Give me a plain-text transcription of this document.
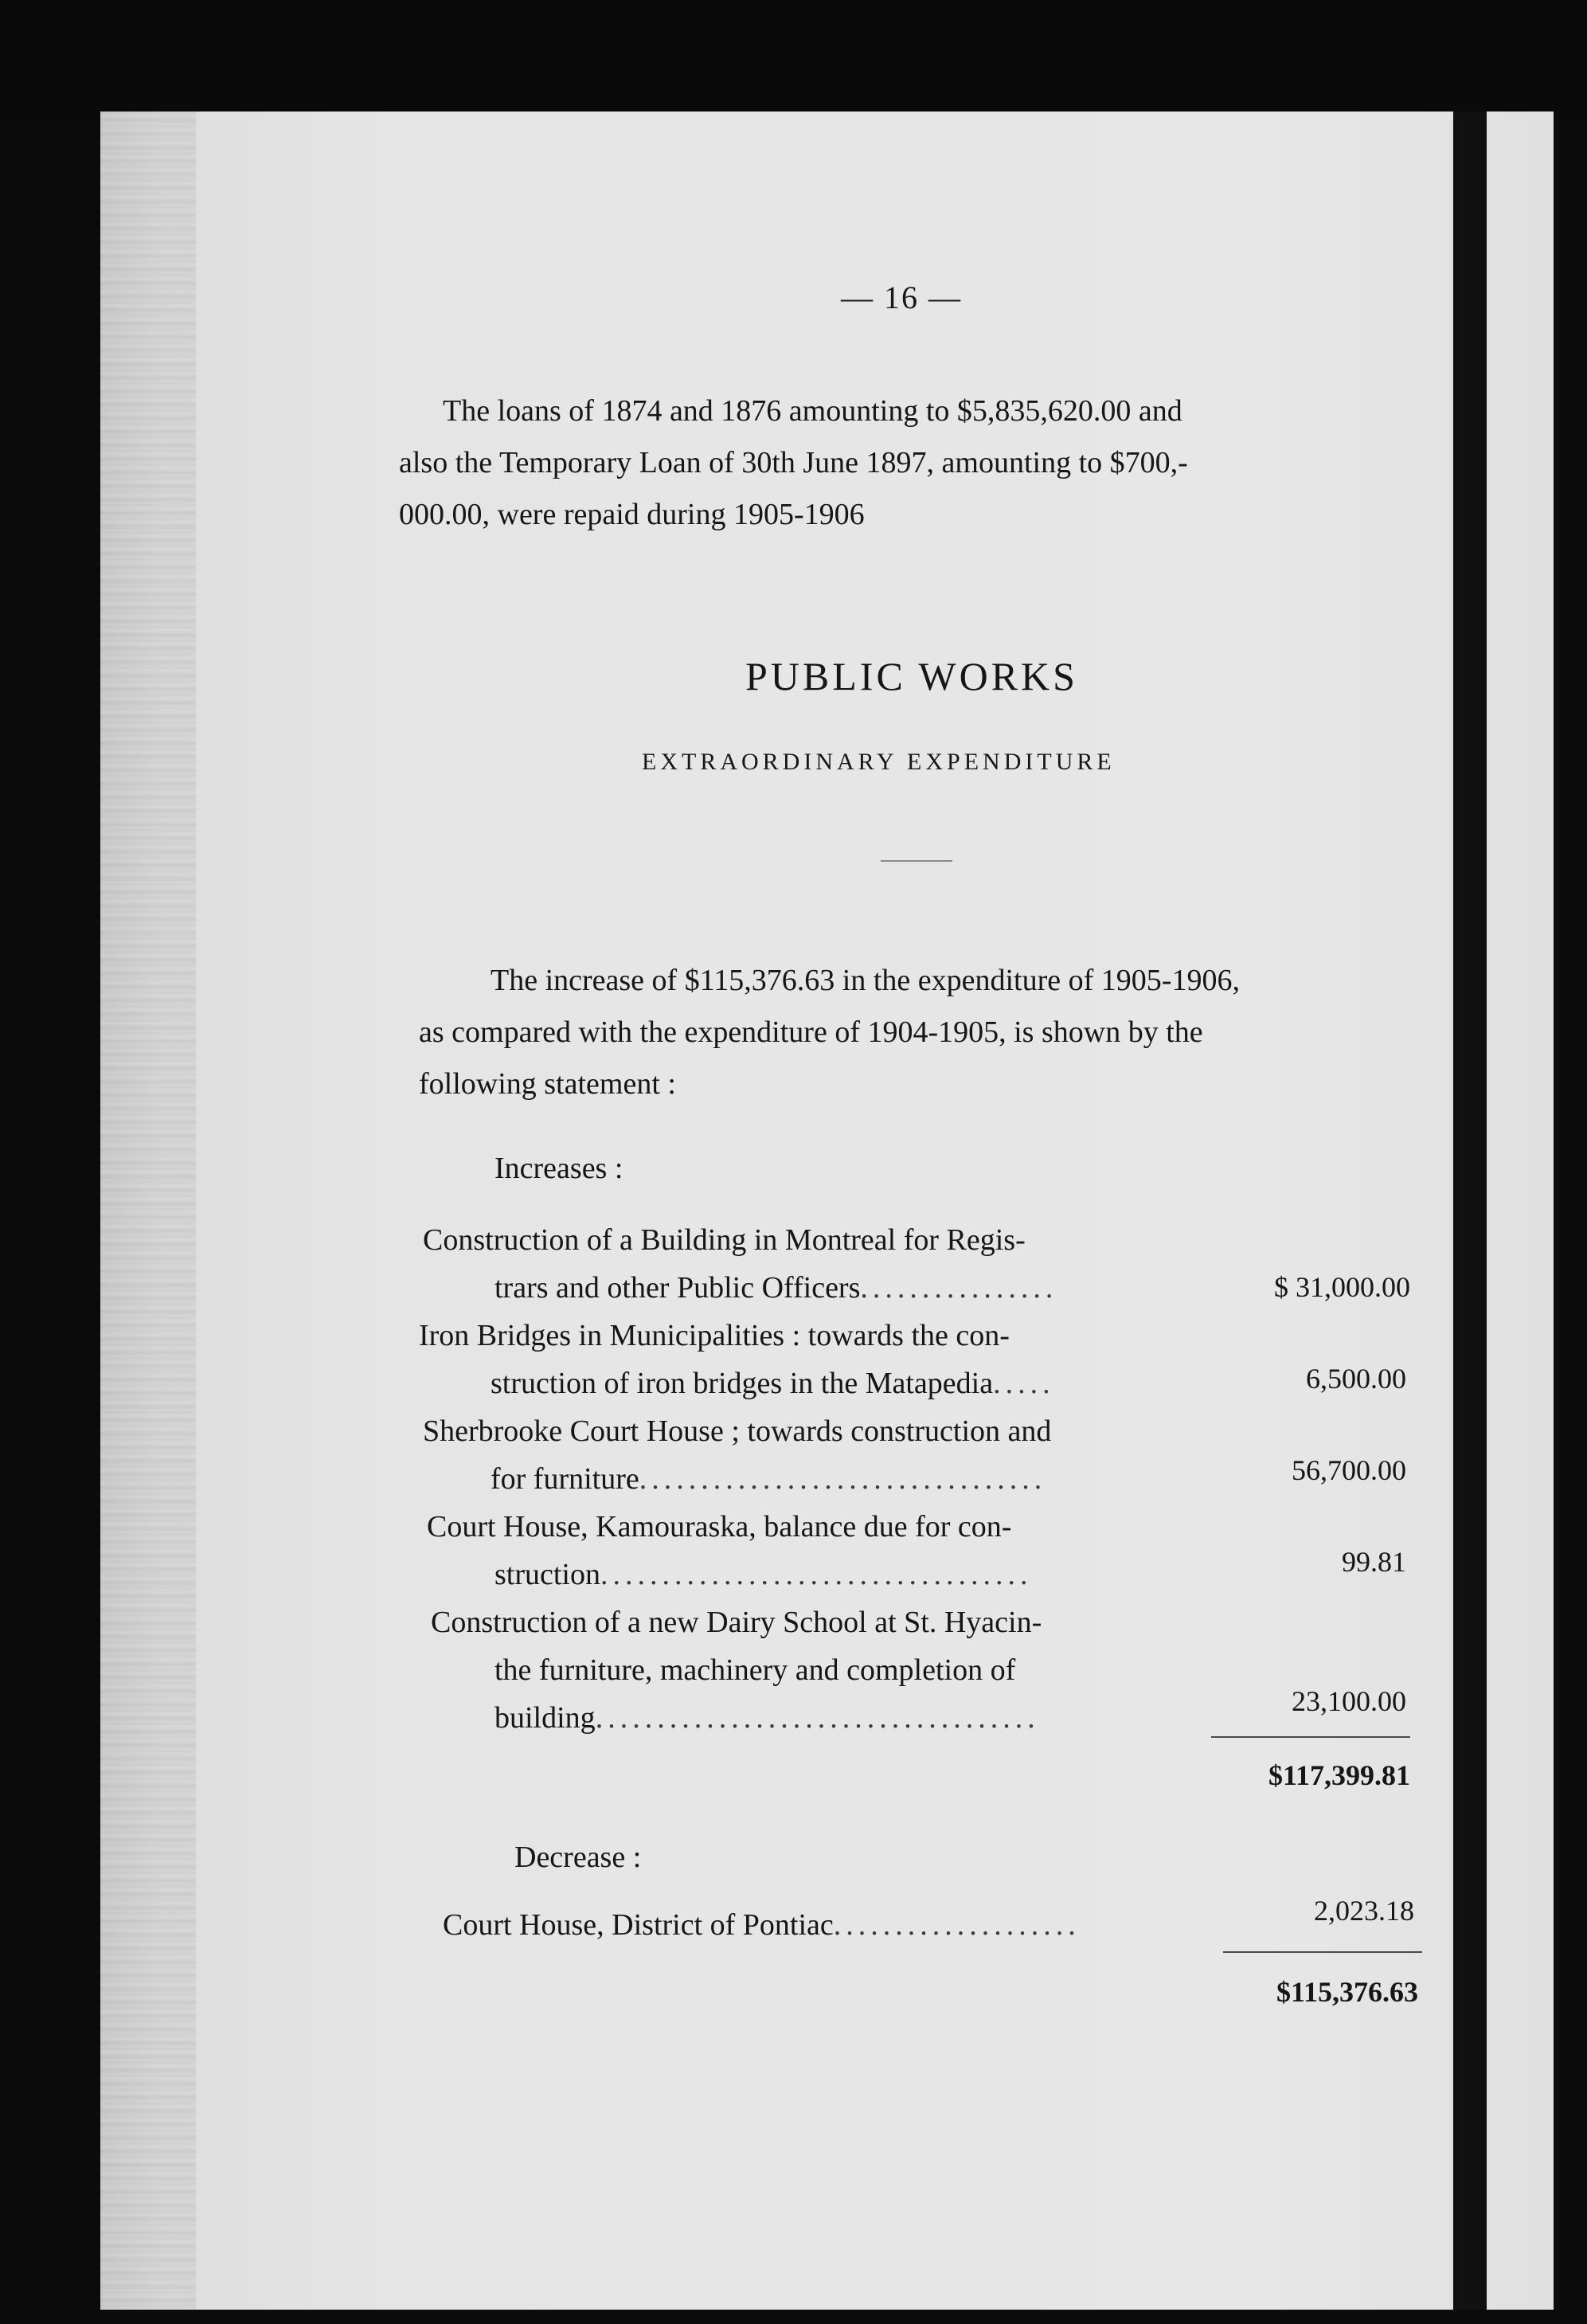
— 16 —
The loans of 1874 and 1876 amounting to $5,835,620.00 and
also the Temporary Loan of 30th June 1897, amounting to $700,-
000.00, were repaid during 1905-1906
PUBLIC WORKS
EXTRAORDINARY EXPENDITURE
The increase of $115,376.63 in the expenditure of 1905-1906,
as compared with the expenditure of 1904-1905, is shown by the
following statement :
Increases :
Construction of a Building in Montreal for Regis-
trars and other Public Officers................	$ 31,000.00
Iron Bridges in Municipalities : towards the con-
struction of iron bridges in the Matapedia.....	6,500.00
Sherbrooke Court House ; towards construction and
for furniture.................................	56,700.00
Court House, Kamouraska, balance due for con-
struction...................................	99.81
Construction of a new Dairy School at St. Hyacin-
the furniture, machinery and completion of
building....................................	23,100.00
$117,399.81
Decrease :
Court House, District of Pontiac....................	2,023.18
$115,376.63
